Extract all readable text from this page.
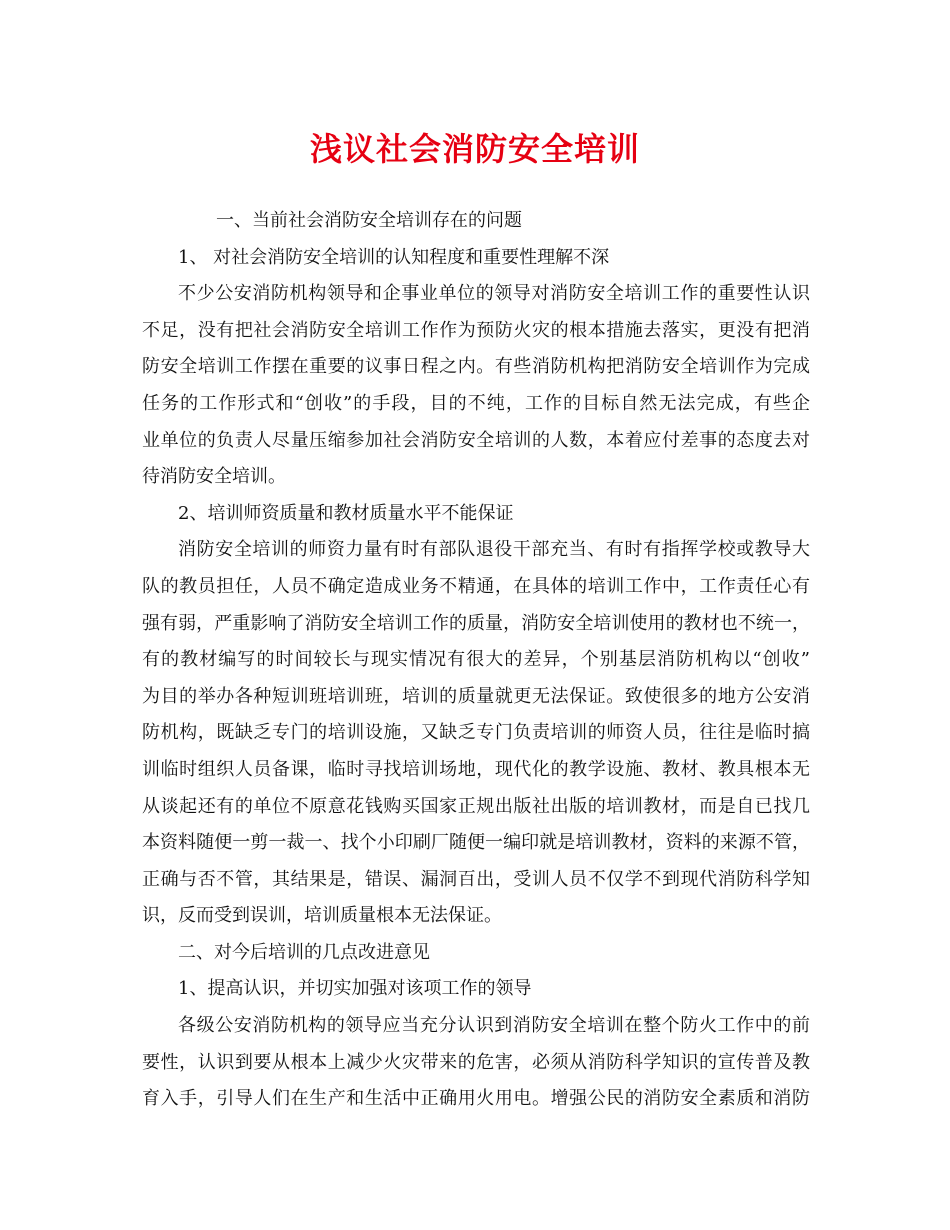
浅议社会消防安全培训
一、当前社会消防安全培训存在的问题
1、 对社会消防安全培训的认知程度和重要性理解不深
不少公安消防机构领导和企事业单位的领导对消防安全培训工作的重要性认识
不足，没有把社会消防安全培训工作作为预防火灾的根本措施去落实，更没有把消
防安全培训工作摆在重要的议事日程之内。有些消防机构把消防安全培训作为完成
任务的工作形式和“创收”的手段，目的不纯，工作的目标自然无法完成，有些企
业单位的负责人尽量压缩参加社会消防安全培训的人数，本着应付差事的态度去对
待消防安全培训。
2、培训师资质量和教材质量水平不能保证
消防安全培训的师资力量有时有部队退役干部充当、有时有指挥学校或教导大
队的教员担任，人员不确定造成业务不精通，在具体的培训工作中，工作责任心有
强有弱，严重影响了消防安全培训工作的质量，消防安全培训使用的教材也不统一，
有的教材编写的时间较长与现实情况有很大的差异，个别基层消防机构以“创收”
为目的举办各种短训班培训班，培训的质量就更无法保证。致使很多的地方公安消
防机构，既缺乏专门的培训设施，又缺乏专门负责培训的师资人员，往往是临时搞
训临时组织人员备课，临时寻找培训场地，现代化的教学设施、教材、教具根本无
从谈起还有的单位不原意花钱购买国家正规出版社出版的培训教材，而是自已找几
本资料随便一剪一裁一、找个小印刷厂随便一编印就是培训教材，资料的来源不管，
正确与否不管，其结果是，错误、漏洞百出，受训人员不仅学不到现代消防科学知
识，反而受到误训，培训质量根本无法保证。
二、对今后培训的几点改进意见
1、提高认识，并切实加强对该项工作的领导
各级公安消防机构的领导应当充分认识到消防安全培训在整个防火工作中的前
要性，认识到要从根本上减少火灾带来的危害，必须从消防科学知识的宣传普及教
育入手，引导人们在生产和生活中正确用火用电。增强公民的消防安全素质和消防
